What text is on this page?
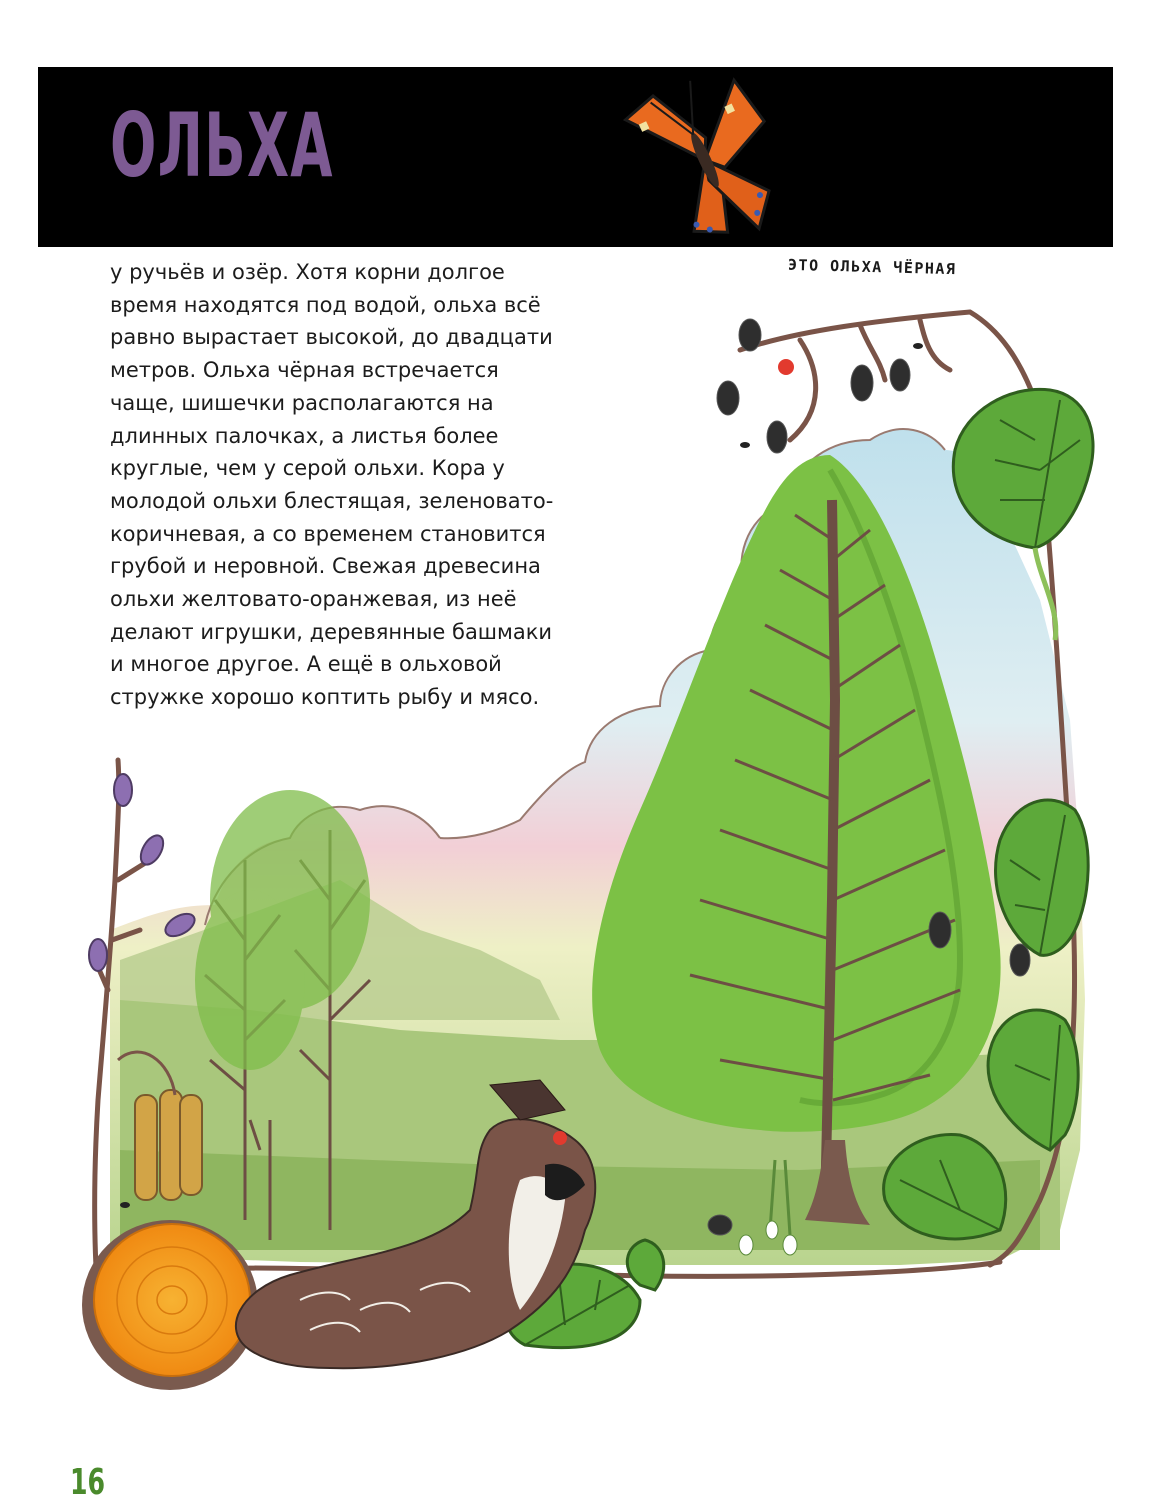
ОЛЬХА
у ручьёв и озёр. Хотя корни долгое
время находятся под водой, ольха всё
равно вырастает высокой, до двадцати
метров. Ольха чёрная встречается
чаще, шишечки располагаются на
длинных палочках, а листья более
круглые, чем у серой ольхи. Кора у
молодой ольхи блестящая, зеленовато-
коричневая, а со временем становится
грубой и неровной. Свежая древесина
ольхи желтовато-оранжевая, из неё
делают игрушки, деревянные башмаки
и многое другое. А ещё в ольховой
стружке хорошо коптить рыбу и мясо.
ЭТО ОЛЬХА ЧЁРНАЯ
16
